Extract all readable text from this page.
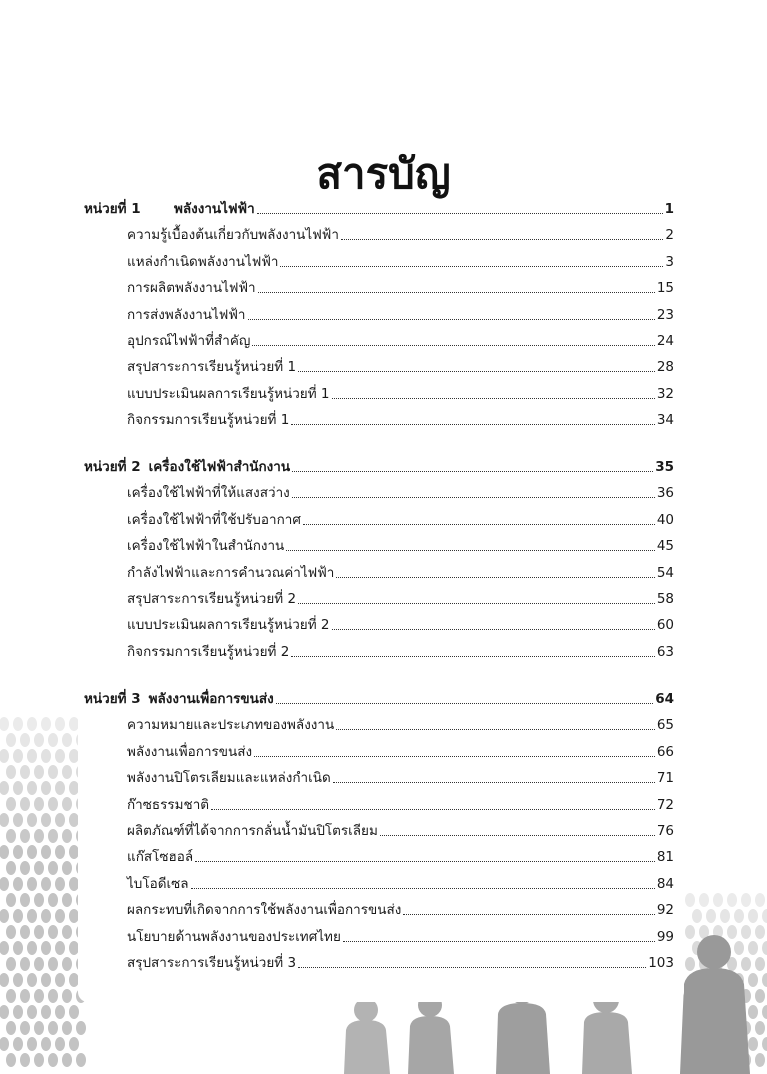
สารบัญ
หน่วยที่ 1	พลังงานไฟฟ้า	1
ความรู้เบื้องต้นเกี่ยวกับพลังงานไฟฟ้า	2
แหล่งกำเนิดพลังงานไฟฟ้า	3
การผลิตพลังงานไฟฟ้า	15
การส่งพลังงานไฟฟ้า	23
อุปกรณ์ไฟฟ้าที่สำคัญ	24
สรุปสาระการเรียนรู้หน่วยที่ 1	28
แบบประเมินผลการเรียนรู้หน่วยที่ 1	32
กิจกรรมการเรียนรู้หน่วยที่ 1	34
หน่วยที่ 2 เครื่องใช้ไฟฟ้าสำนักงาน	35
เครื่องใช้ไฟฟ้าที่ให้แสงสว่าง	36
เครื่องใช้ไฟฟ้าที่ใช้ปรับอากาศ	40
เครื่องใช้ไฟฟ้าในสำนักงาน	45
กำลังไฟฟ้าและการคำนวณค่าไฟฟ้า	54
สรุปสาระการเรียนรู้หน่วยที่ 2	58
แบบประเมินผลการเรียนรู้หน่วยที่ 2	60
กิจกรรมการเรียนรู้หน่วยที่ 2	63
หน่วยที่ 3 พลังงานเพื่อการขนส่ง	64
ความหมายและประเภทของพลังงาน	65
พลังงานเพื่อการขนส่ง	66
พลังงานปิโตรเลียมและแหล่งกำเนิด	71
ก๊าซธรรมชาติ	72
ผลิตภัณฑ์ที่ได้จากการกลั่นน้ำมันปิโตรเลียม	76
แก๊สโซฮอล์	81
ไบโอดีเซล	84
ผลกระทบที่เกิดจากการใช้พลังงานเพื่อการขนส่ง	92
นโยบายด้านพลังงานของประเทศไทย	99
สรุปสาระการเรียนรู้หน่วยที่ 3	103
